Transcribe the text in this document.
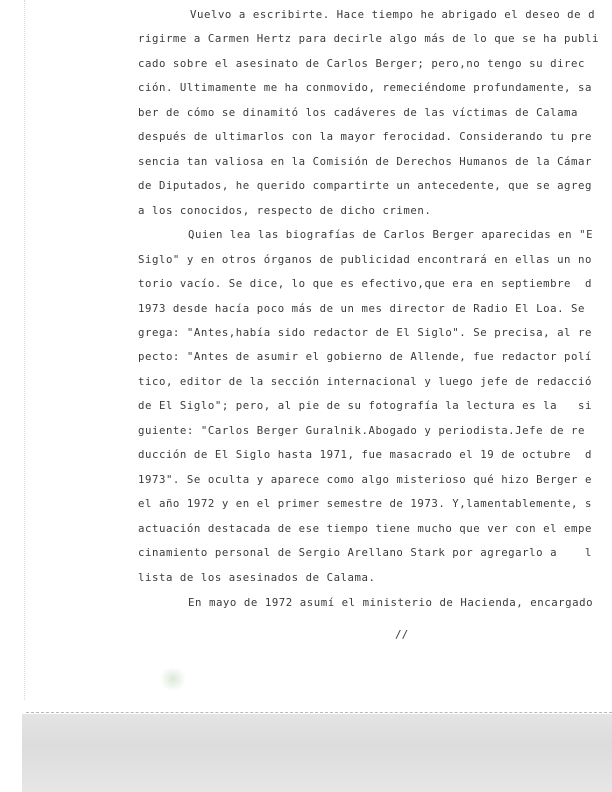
Vuelvo a escribirte. Hace tiempo he abrigado el deseo de d
rigirme a Carmen Hertz para decirle algo más de lo que se ha publi
cado sobre el asesinato de Carlos Berger; pero,no tengo su direc
ción. Ultimamente me ha conmovido, remeciéndome profundamente, sa
ber de cómo se dinamitó los cadáveres de las víctimas de Calama
después de ultimarlos con la mayor ferocidad. Considerando tu pre
sencia tan valiosa en la Comisión de Derechos Humanos de la Cámar
de Diputados, he querido compartirte un antecedente, que se agreg
a los conocidos, respecto de dicho crimen.
Quien lea las biografías de Carlos Berger aparecidas en "E
Siglo" y en otros órganos de publicidad encontrará en ellas un no
torio vacío. Se dice, lo que es efectivo,que era en septiembre  d
1973 desde hacía poco más de un mes director de Radio El Loa. Se
grega: "Antes,había sido redactor de El Siglo". Se precisa, al re
pecto: "Antes de asumir el gobierno de Allende, fue redactor polí
tico, editor de la sección internacional y luego jefe de redacció
de El Siglo"; pero, al pie de su fotografía la lectura es la   si
guiente: "Carlos Berger Guralnik.Abogado y periodista.Jefe de re
ducción de El Siglo hasta 1971, fue masacrado el 19 de octubre  d
1973". Se oculta y aparece como algo misterioso qué hizo Berger e
el año 1972 y en el primer semestre de 1973. Y,lamentablemente, s
actuación destacada de ese tiempo tiene mucho que ver con el empe
cinamiento personal de Sergio Arellano Stark por agregarlo a    l
lista de los asesinados de Calama.
En mayo de 1972 asumí el ministerio de Hacienda, encargado
//
